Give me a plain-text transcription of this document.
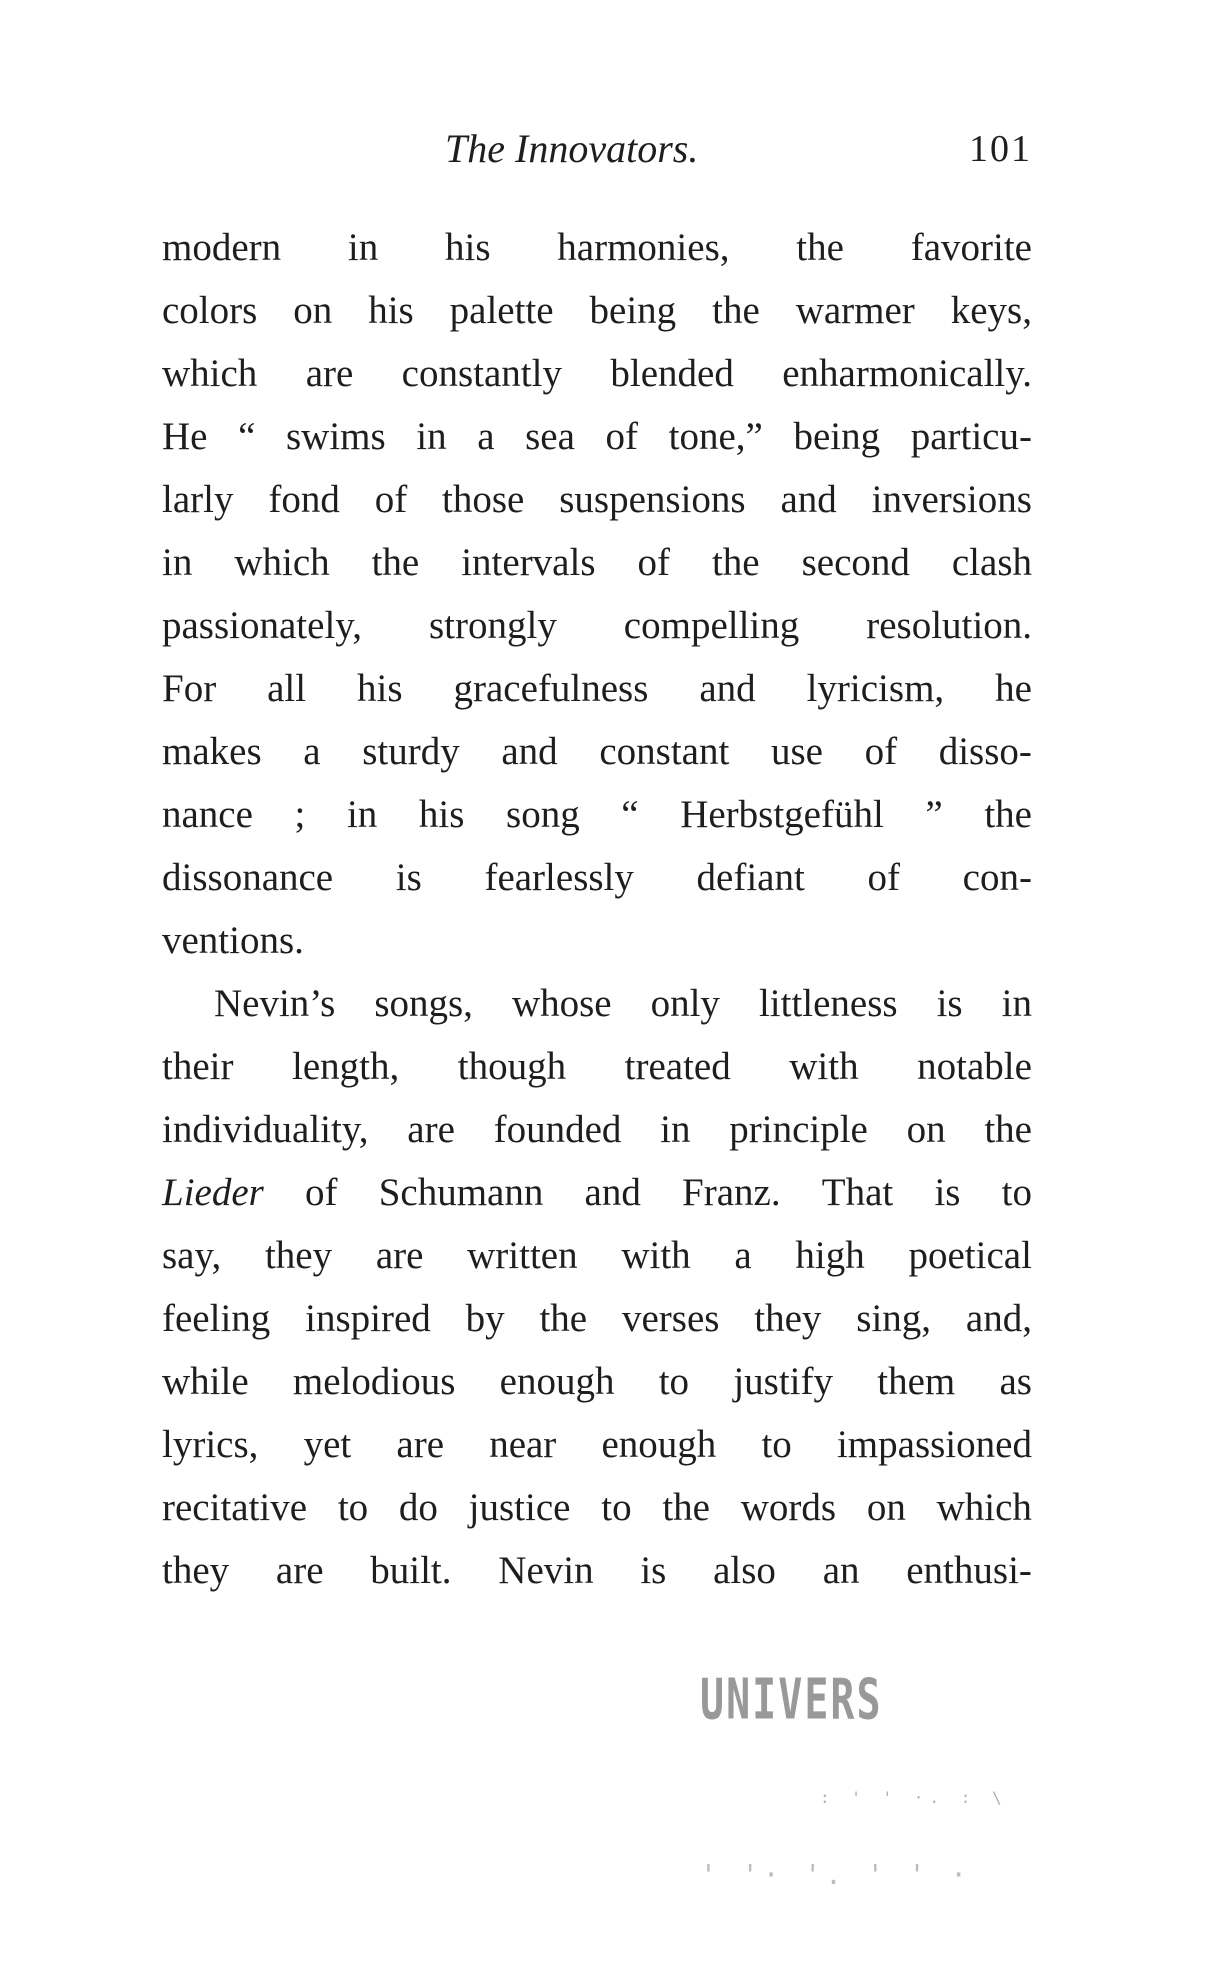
The Innovators.	101
modern in his harmonies, the favorite
colors on his palette being the warmer keys,
which are constantly blended enharmonically.
He “ swims in a sea of tone,” being particu-
larly fond of those suspensions and inversions
in which the intervals of the second clash
passionately, strongly compelling resolution.
For all his gracefulness and lyricism, he
makes a sturdy and constant use of disso-
nance ; in his song “ Herbstgefühl ” the
dissonance is fearlessly defiant of con-
ventions.
Nevin’s songs, whose only littleness is in
their length, though treated with notable
individuality, are founded in principle on the
Lieder of Schumann and Franz. That is to
say, they are written with a high poetical
feeling inspired by the verses they sing, and,
while melodious enough to justify them as
lyrics, yet are near enough to impassioned
recitative to do justice to the words on which
they are built. Nevin is also an enthusi-
UNIVERS
: ' ' ·. : \
' '· '. ' ' ·
